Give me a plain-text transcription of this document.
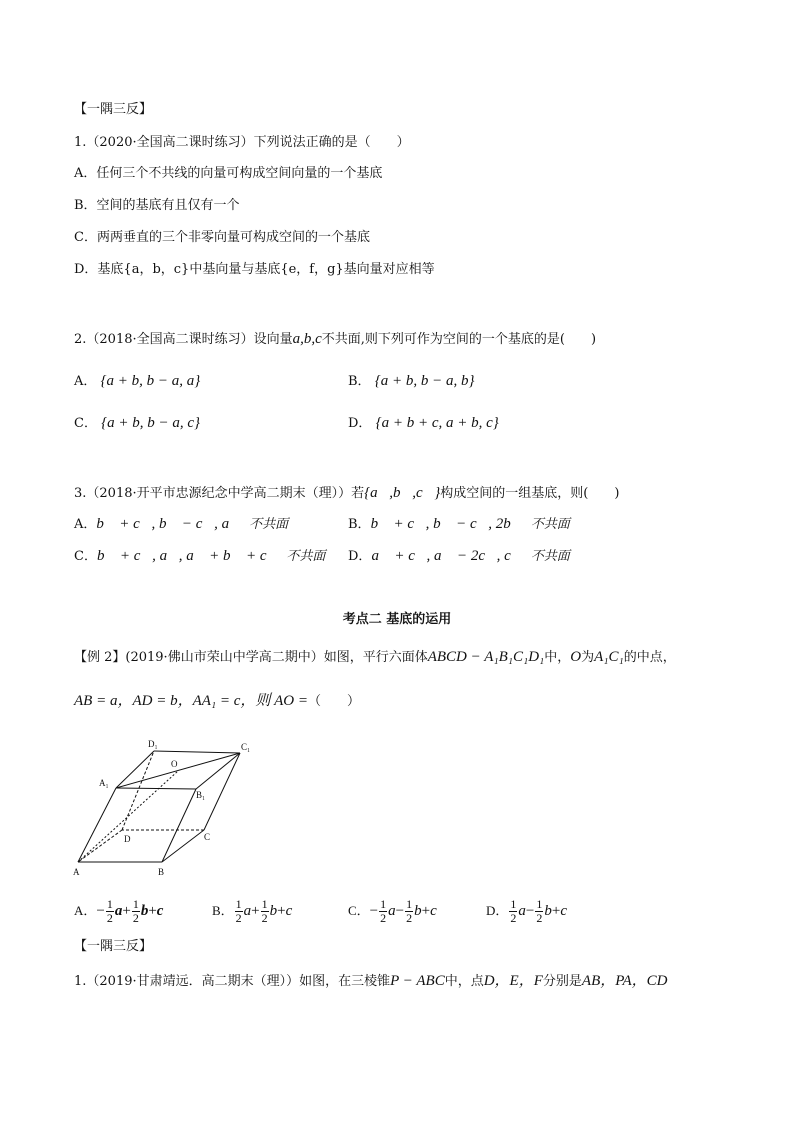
【一隅三反】
1.（2020·全国高二课时练习）下列说法正确的是（　　）
A．任何三个不共线的向量可构成空间向量的一个基底
B．空间的基底有且仅有一个
C．两两垂直的三个非零向量可构成空间的一个基底
D．基底{a，b，c}中基向量与基底{e，f，g}基向量对应相等
2.（2018·全国高二课时练习）设向量a,b,c不共面,则下列可作为空间的一个基底的是(　　)
A． {a + b, b − a, a}	B． {a + b, b − a, b}
C． {a + b, b − a, c}	D． {a + b + c, a + b, c}
3.（2018·开平市忠源纪念中学高二期末（理））若{a⃗,b⃗,c⃗}构成空间的一组基底，则(　　)
A．b⃗ + c⃗, b⃗ − c⃗, a⃗ 不共面	B．b⃗ + c⃗, b⃗ − c⃗, 2b⃗ 不共面
C．b⃗ + c⃗, a⃗, a⃗ + b⃗ + c⃗ 不共面 D．a⃗ + c⃗, a⃗ − 2c⃗, c⃗ 不共面
考点二 基底的运用
【例 2】(2019·佛山市荣山中学高二期中）如图，平行六面体ABCD − A₁B₁C₁D₁中，O为A₁C₁的中点，
AB = a，AD = b，AA₁ = c，则 AO =（　　）
D₁	C₁
A₁
B₁
O
D	C
A	B
A．− $\frac{1}{2} a+ \frac{1}{2} b+c$	B． $\frac{1}{2} a+ \frac{1}{2} b+c$	C．− $\frac{1}{2} a- \frac{1}{2} b+c$	D． $\frac{1}{2} a- \frac{1}{2} b+c$
【一隅三反】
1.（2019·甘肃靖远．高二期末（理））如图，在三棱锥P − ABC中，点D，E，F分别是AB，PA，CD
